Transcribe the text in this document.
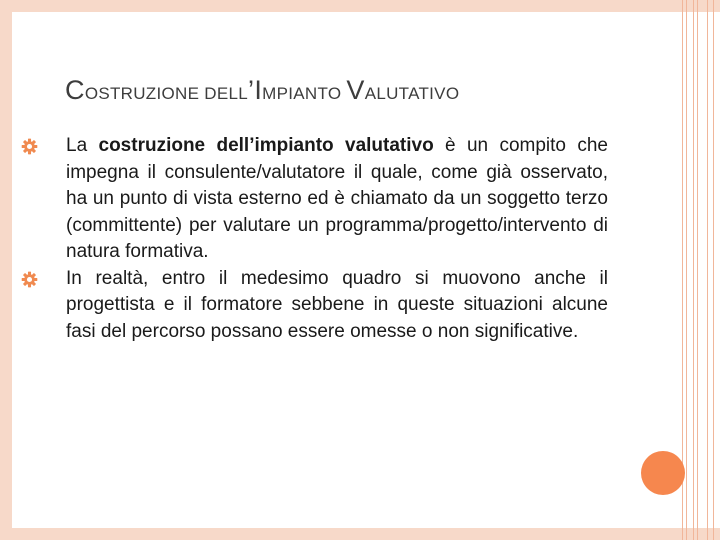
COSTRUZIONE DELL’IMPIANTO VALUTATIVO
La costruzione dell’impianto valutativo è un compito che impegna il consulente/valutatore il quale, come già osservato, ha un punto di vista esterno ed è chiamato da un soggetto terzo (committente) per valutare un programma/progetto/intervento di natura formativa.
In realtà, entro il medesimo quadro si muovono anche il progettista e il formatore sebbene in queste situazioni alcune fasi del percorso possano essere omesse o non significative.
